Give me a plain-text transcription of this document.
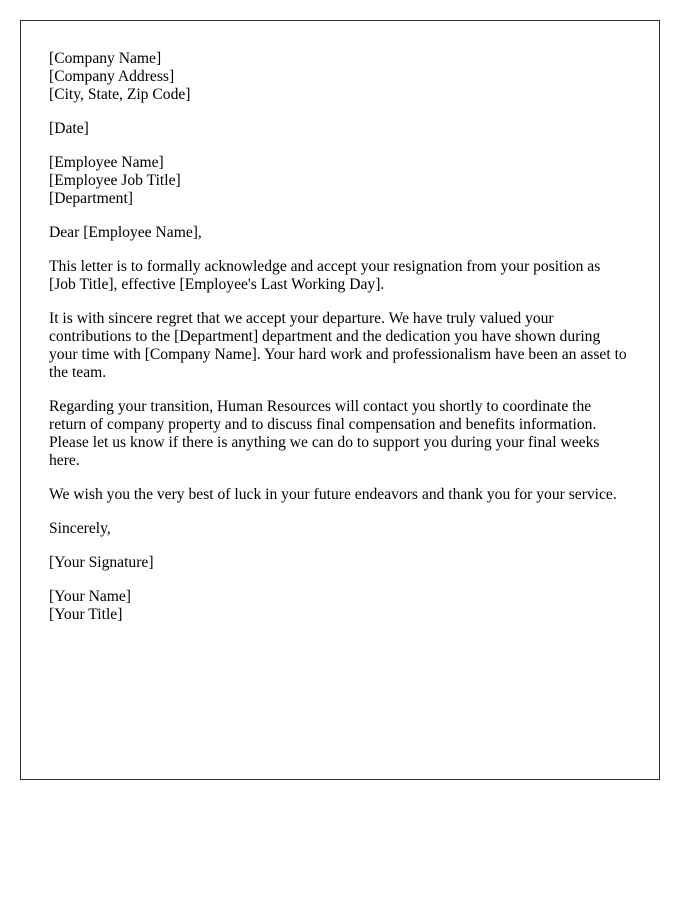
[Company Name]
[Company Address]
[City, State, Zip Code]
[Date]
[Employee Name]
[Employee Job Title]
[Department]

Dear [Employee Name],

This letter is to formally acknowledge and accept your resignation from your position as [Job Title], effective [Employee's Last Working Day].

It is with sincere regret that we accept your departure. We have truly valued your contributions to the [Department] department and the dedication you have shown during your time with [Company Name]. Your hard work and professionalism have been an asset to the team.

Regarding your transition, Human Resources will contact you shortly to coordinate the return of company property and to discuss final compensation and benefits information. Please let us know if there is anything we can do to support you during your final weeks here.

We wish you the very best of luck in your future endeavors and thank you for your service.

Sincerely,

[Your Signature]

[Your Name]
[Your Title]
